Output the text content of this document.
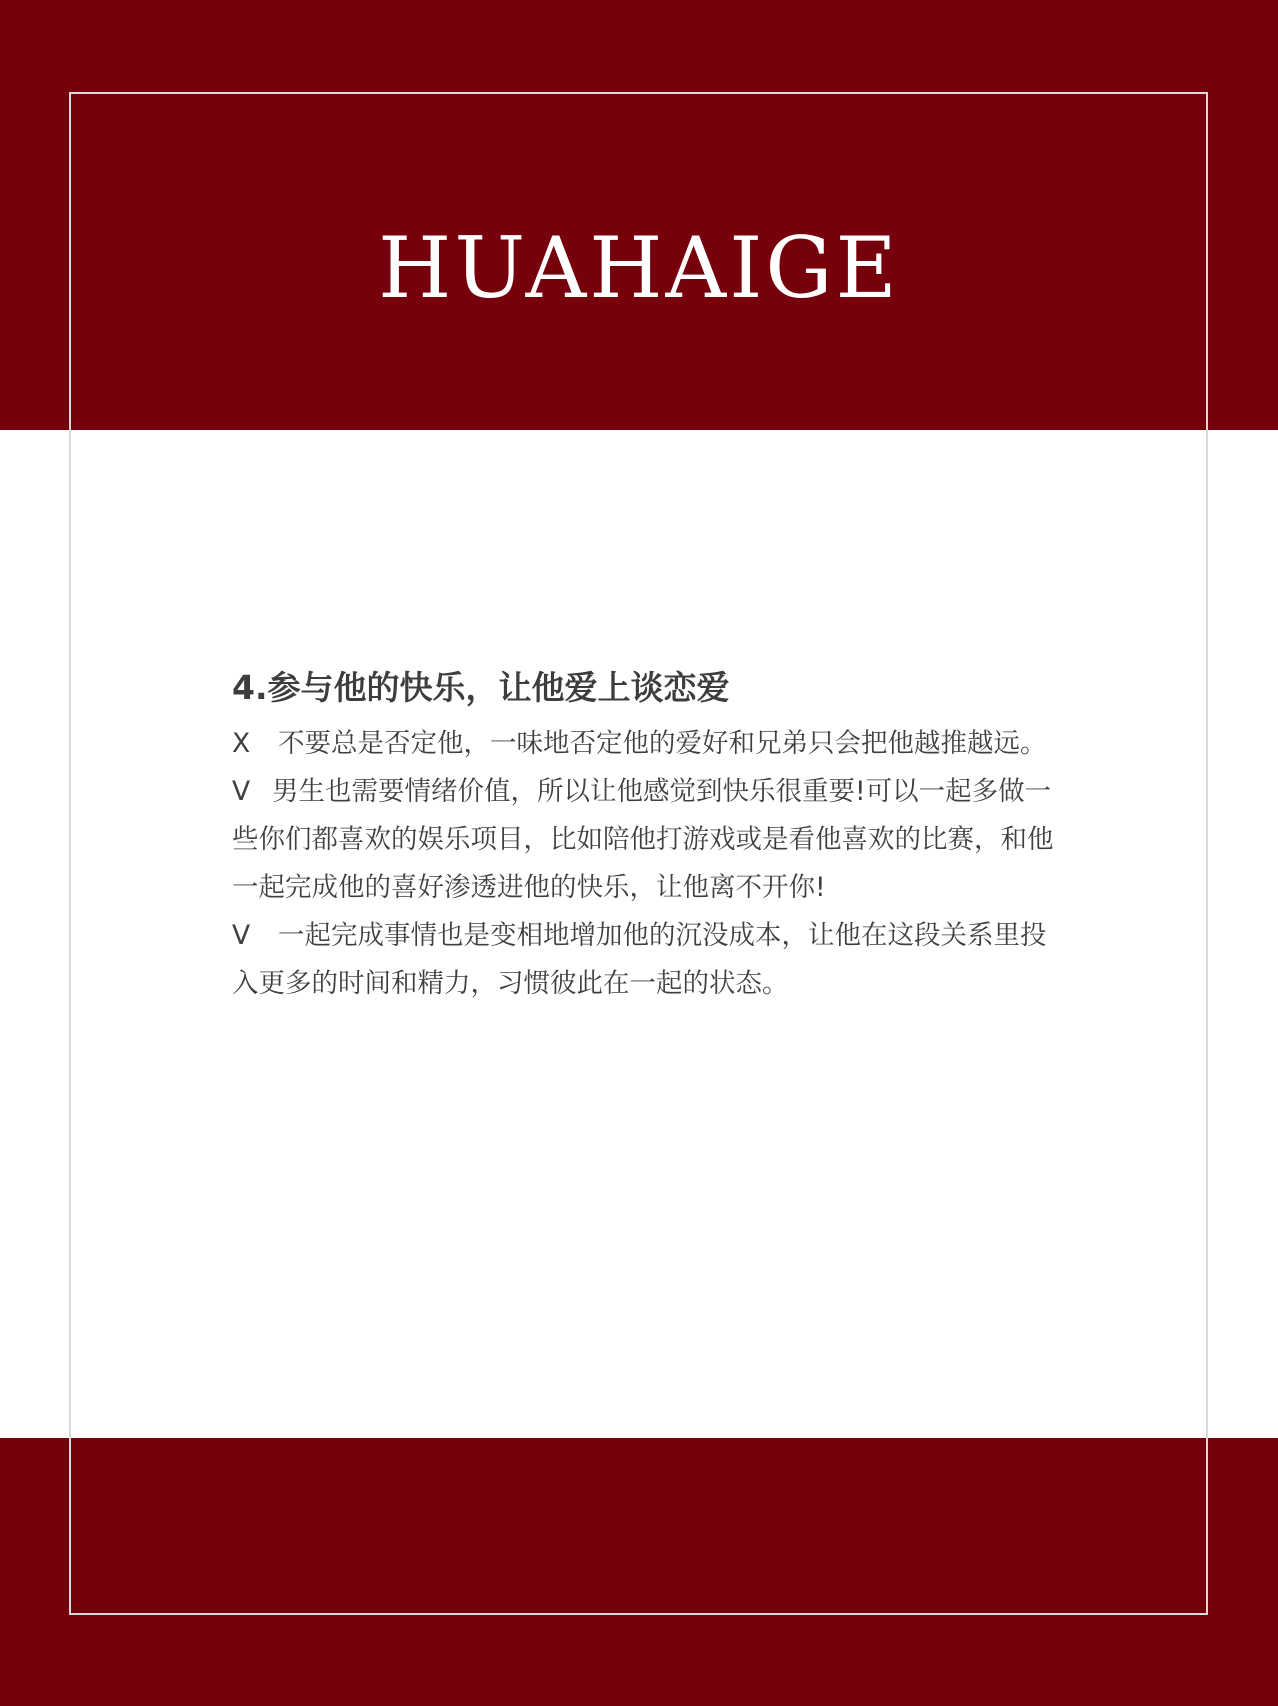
HUAHAIGE
4.参与他的快乐，让他爱上谈恋爱

X 不要总是否定他，一味地否定他的爱好和兄弟只会把他越推越远。

V 男生也需要情绪价值，所以让他感觉到快乐很重要!可以一起多做一些你们都喜欢的娱乐项目，比如陪他打游戏或是看他喜欢的比赛，和他一起完成他的喜好渗透进他的快乐，让他离不开你!

V 一起完成事情也是变相地增加他的沉没成本，让他在这段关系里投入更多的时间和精力，习惯彼此在一起的状态。
